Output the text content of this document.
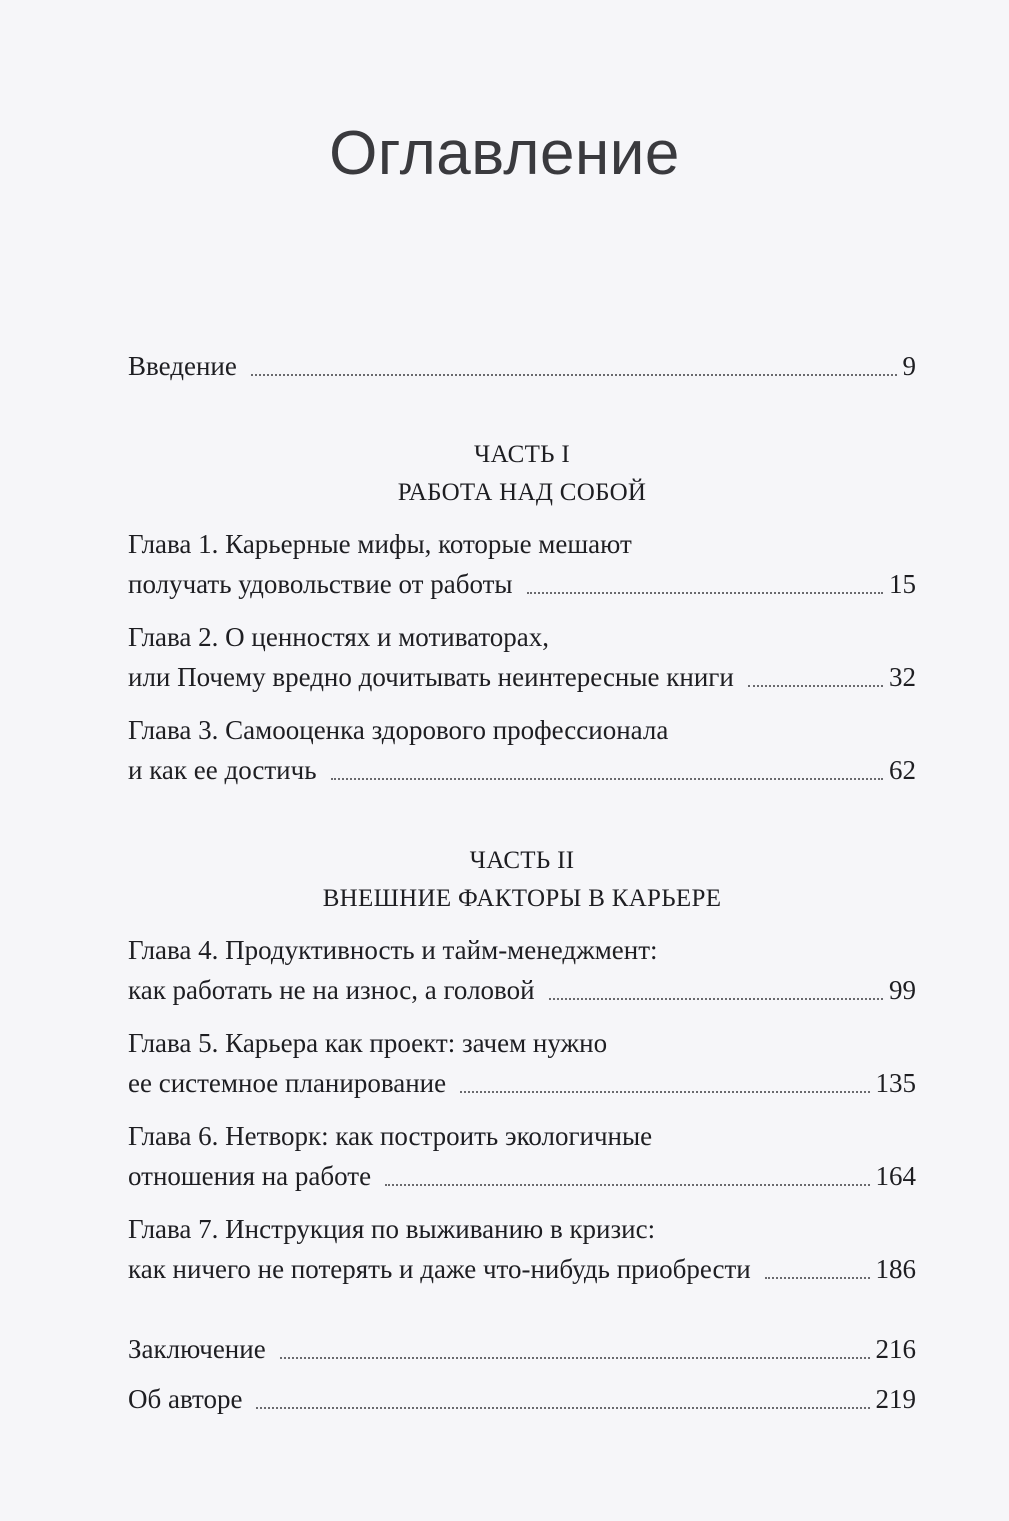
Оглавление
Введение	9
ЧАСТЬ I
РАБОТА НАД СОБОЙ
Глава 1. Карьерные мифы, которые мешают
получать удовольствие от работы	15
Глава 2. О ценностях и мотиваторах,
или Почему вредно дочитывать неинтересные книги	32
Глава 3. Самооценка здорового профессионала
и как ее достичь	62
ЧАСТЬ II
ВНЕШНИЕ ФАКТОРЫ В КАРЬЕРЕ
Глава 4. Продуктивность и тайм-менеджмент:
как работать не на износ, а головой	99
Глава 5. Карьера как проект: зачем нужно
ее системное планирование	135
Глава 6. Нетворк: как построить экологичные
отношения на работе	164
Глава 7. Инструкция по выживанию в кризис:
как ничего не потерять и даже что-нибудь приобрести	186
Заключение	216
Об авторе	219
